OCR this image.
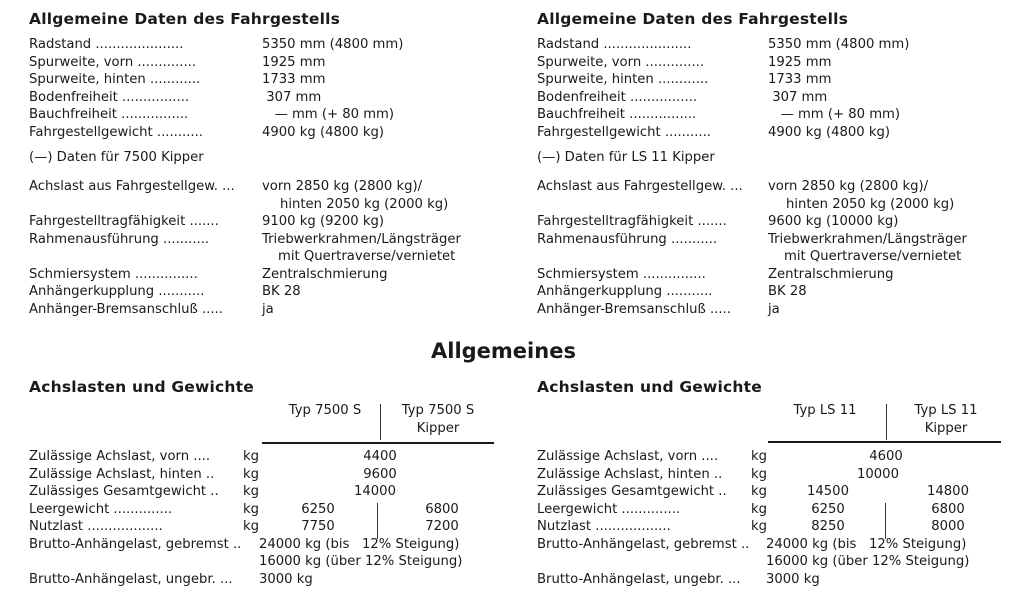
Allgemeine Daten des Fahrgestells
Radstand .....................	5350 mm (4800 mm)
Spurweite, vorn ..............	1925 mm
Spurweite, hinten ............	1733 mm
Bodenfreiheit ................	307 mm
Bauchfreiheit ................	— mm (+ 80 mm)
Fahrgestellgewicht ...........	4900 kg (4800 kg)
(—) Daten für 7500 Kipper
Achslast aus Fahrgestellgew. ... vorn 2850 kg (2800 kg)/
hinten 2050 kg (2000 kg)
Fahrgestelltragfähigkeit .......	9100 kg (9200 kg)
Rahmenausführung ...........	Triebwerkrahmen/Längsträger
mit Quertraverse/vernietet
Schmiersystem ...............	Zentralschmierung
Anhängerkupplung ...........	BK 28
Anhänger-Bremsanschluß .....	ja
Allgemeine Daten des Fahrgestells
Radstand .....................	5350 mm (4800 mm)
Spurweite, vorn ..............	1925 mm
Spurweite, hinten ............	1733 mm
Bodenfreiheit ................	307 mm
Bauchfreiheit ................	— mm (+ 80 mm)
Fahrgestellgewicht ...........	4900 kg (4800 kg)
(—) Daten für LS 11 Kipper
Achslast aus Fahrgestellgew. ... vorn 2850 kg (2800 kg)/
hinten 2050 kg (2000 kg)
Fahrgestelltragfähigkeit .......	9600 kg (10000 kg)
Rahmenausführung ...........	Triebwerkrahmen/Längsträger
mit Quertraverse/vernietet
Schmiersystem ...............	Zentralschmierung
Anhängerkupplung ...........	BK 28
Anhänger-Bremsanschluß .....	ja
Allgemeines
Achslasten und Gewichte
Typ 7500 S	Typ 7500 S
Kipper
Zulässige Achslast, vorn .... kg	4400
Zulässige Achslast, hinten .. kg	9600
Zulässiges Gesamtgewicht .. kg	14000
Leergewicht ..............	kg	6250	6800
Nutzlast ..................	kg	7750	7200
Brutto-Anhängelast, gebremst .. 24000 kg (bis   12% Steigung)
16000 kg (über 12% Steigung)
Brutto-Anhängelast, ungebr. ... 3000 kg
Achslasten und Gewichte
Typ LS 11	Typ LS 11
Kipper
Zulässige Achslast, vorn .... kg	4600
Zulässige Achslast, hinten .. kg	10000
Zulässiges Gesamtgewicht .. kg	14500	14800
Leergewicht ..............	kg	6250	6800
Nutzlast ..................	kg	8250	8000
Brutto-Anhängelast, gebremst .. 24000 kg (bis   12% Steigung)
16000 kg (über 12% Steigung)
Brutto-Anhängelast, ungebr. ... 3000 kg
